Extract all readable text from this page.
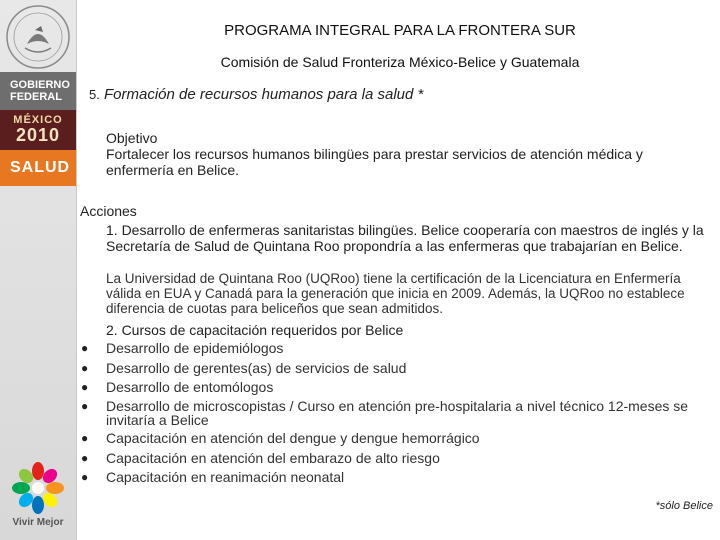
GOBIERNO
FEDERAL
MÉXICO
2010
SALUD
Vivir Mejor
PROGRAMA INTEGRAL PARA LA FRONTERA SUR
Comisión de Salud Fronteriza México-Belice y Guatemala
5. Formación de recursos humanos para la salud *
Objetivo
Fortalecer los recursos humanos bilingües para prestar servicios de atención médica y enfermería en Belice.
Acciones
1. Desarrollo de enfermeras sanitaristas bilingües. Belice cooperaría con maestros de inglés y la Secretaría de Salud de Quintana Roo propondría a las enfermeras que trabajarían en Belice.
La Universidad de Quintana Roo (UQRoo) tiene la certificación de la Licenciatura en Enfermería válida en EUA y Canadá para la generación que inicia en 2009. Además, la UQRoo no establece diferencia de cuotas para beliceños que sean admitidos.
2. Cursos de capacitación requeridos por Belice
● Desarrollo de epidemiólogos
● Desarrollo de gerentes(as) de servicios de salud
● Desarrollo de entomólogos
● Desarrollo de microscopistas / Curso en atención pre-hospitalaria a nivel técnico 12-meses se invitaría a Belice
● Capacitación en atención del dengue y dengue hemorrágico
● Capacitación en atención del embarazo de alto riesgo
● Capacitación en reanimación neonatal
*sólo Belice
